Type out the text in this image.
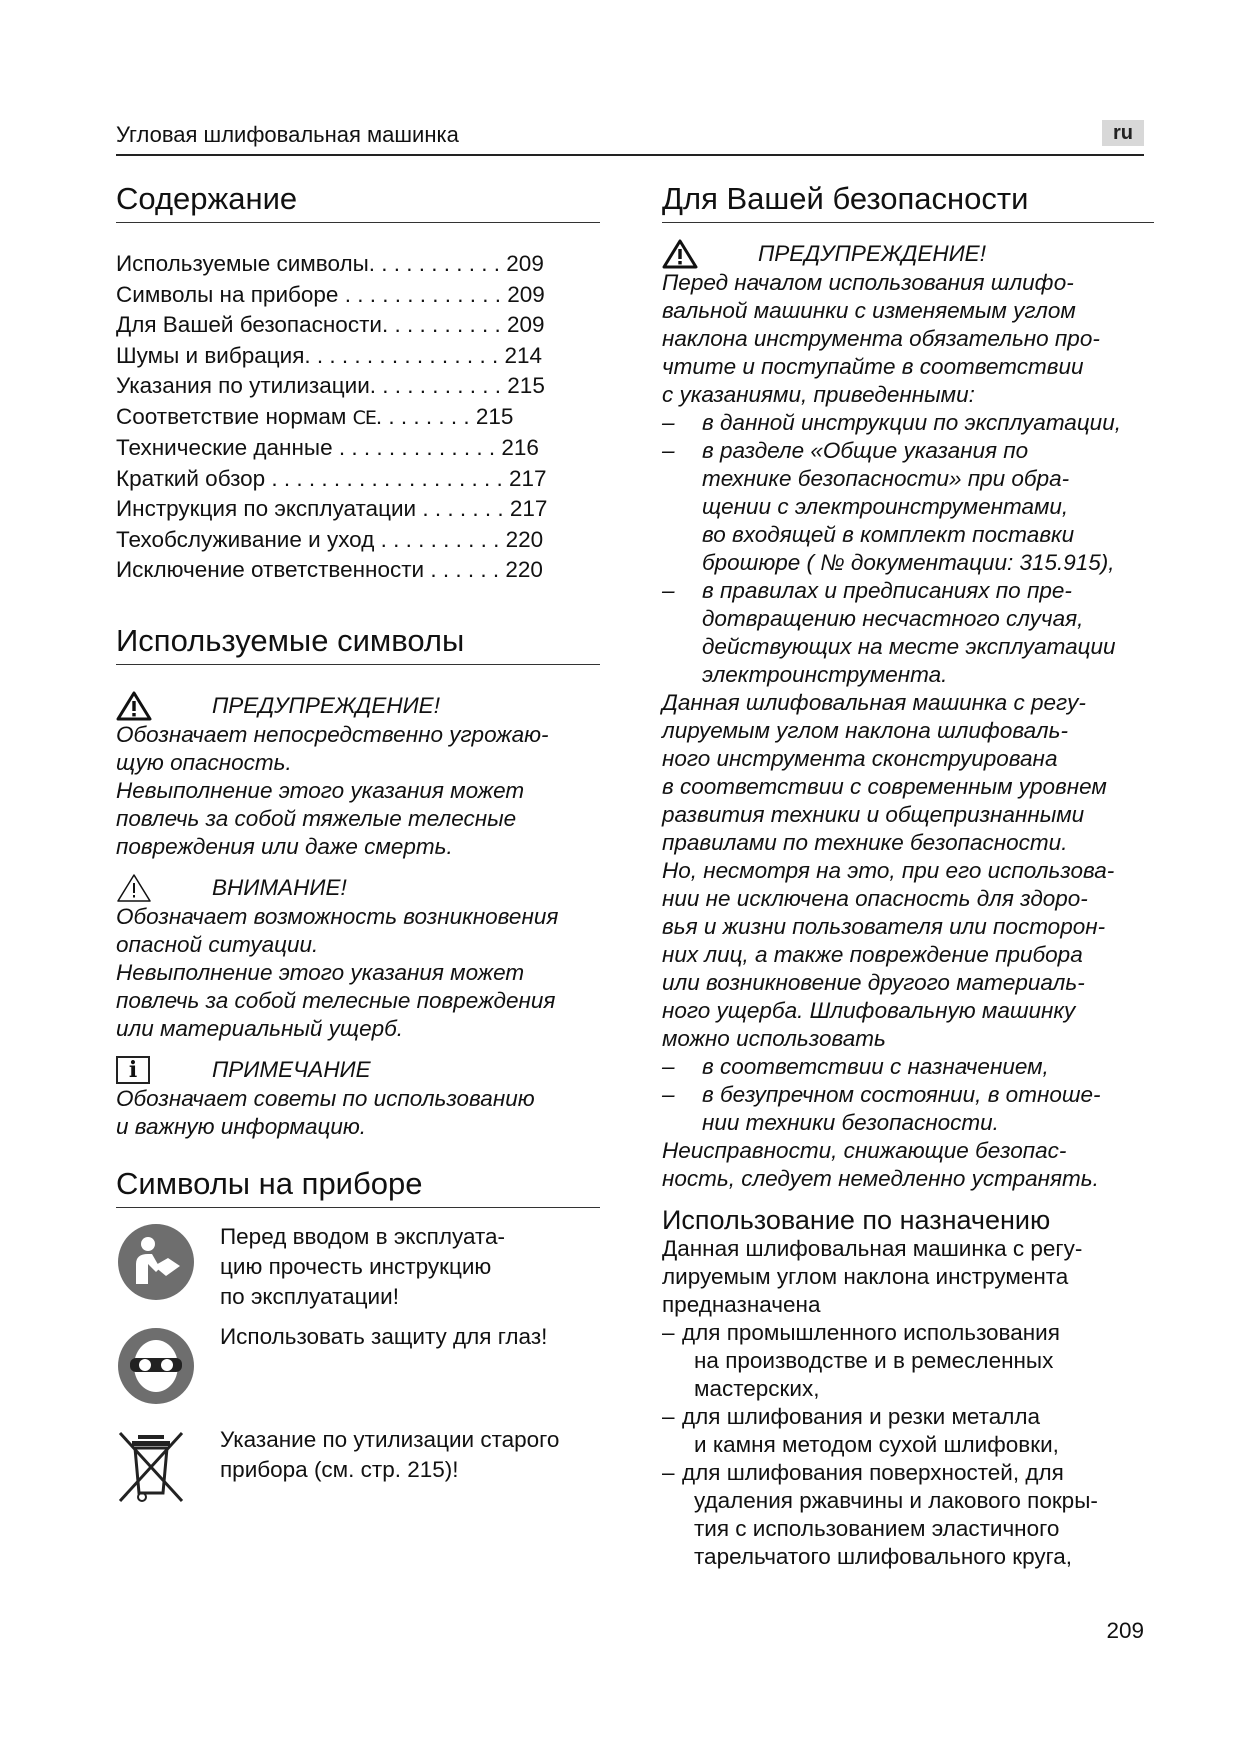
Угловая шлифовальная машинка	ru
Содержание
Используемые символы. . . . . . . . . . . 209
Символы на приборе . . . . . . . . . . . . . 209
Для Вашей безопасности. . . . . . . . . . 209
Шумы и вибрация. . . . . . . . . . . . . . . . 214
Указания по утилизации. . . . . . . . . . . 215
Соответствие нормам CE. . . . . . . . 215
Технические данные . . . . . . . . . . . . . 216
Краткий обзор . . . . . . . . . . . . . . . . . . . 217
Инструкция по эксплуатации . . . . . . . 217
Техобслуживание и уход . . . . . . . . . . 220
Исключение ответственности . . . . . . 220
Используемые символы
ПРЕДУПРЕЖДЕНИЕ!
Обозначает непосредственно угрожаю-
щую опасность.
Невыполнение этого указания может
повлечь за собой тяжелые телесные
повреждения или даже смерть.
ВНИМАНИЕ!
Обозначает возможность возникновения
опасной ситуации.
Невыполнение этого указания может
повлечь за собой телесные повреждения
или материальный ущерб.
i	ПРИМЕЧАНИЕ
Обозначает советы по использованию
и важную информацию.
Символы на приборе
Перед вводом в эксплуата-
цию прочесть инструкцию
по эксплуатации!
Использовать защиту для глаз!
Указание по утилизации старого
прибора (см. стр. 215)!
Для Вашей безопасности
ПРЕДУПРЕЖДЕНИЕ!
Перед началом использования шлифо-
вальной машинки с изменяемым углом
наклона инструмента обязательно про-
чтите и поступайте в соответствии
с указаниями, приведенными:
–	в данной инструкции по эксплуатации,
–	в разделе «Общие указания по
технике безопасности» при обра-
щении с электроинструментами,
во входящей в комплект поставки
брошюре ( № документации: 315.915),
–	в правилах и предписаниях по пре-
дотвращению несчастного случая,
действующих на месте эксплуатации
электроинструмента.
Данная шлифовальная машинка с регу-
лируемым углом наклона шлифоваль-
ного инструмента сконструирована
в соответствии с современным уровнем
развития техники и общепризнанными
правилами по технике безопасности.
Но, несмотря на это, при его использова-
нии не исключена опасность для здоро-
вья и жизни пользователя или посторон-
них лиц, а также повреждение прибора
или возникновение другого материаль-
ного ущерба. Шлифовальную машинку
можно использовать
–	в соответствии с назначением,
–	в безупречном состоянии, в отноше-
нии техники безопасности.
Неисправности, снижающие безопас-
ность, следует немедленно устранять.
Использование по назначению
Данная шлифовальная машинка с регу-
лируемым углом наклона инструмента
предназначена
– для промышленного использования
на производстве и в ремесленных
мастерских,
– для шлифования и резки металла
и камня методом сухой шлифовки,
– для шлифования поверхностей, для
удаления ржавчины и лакового покры-
тия с использованием эластичного
тарельчатого шлифовального круга,
209
